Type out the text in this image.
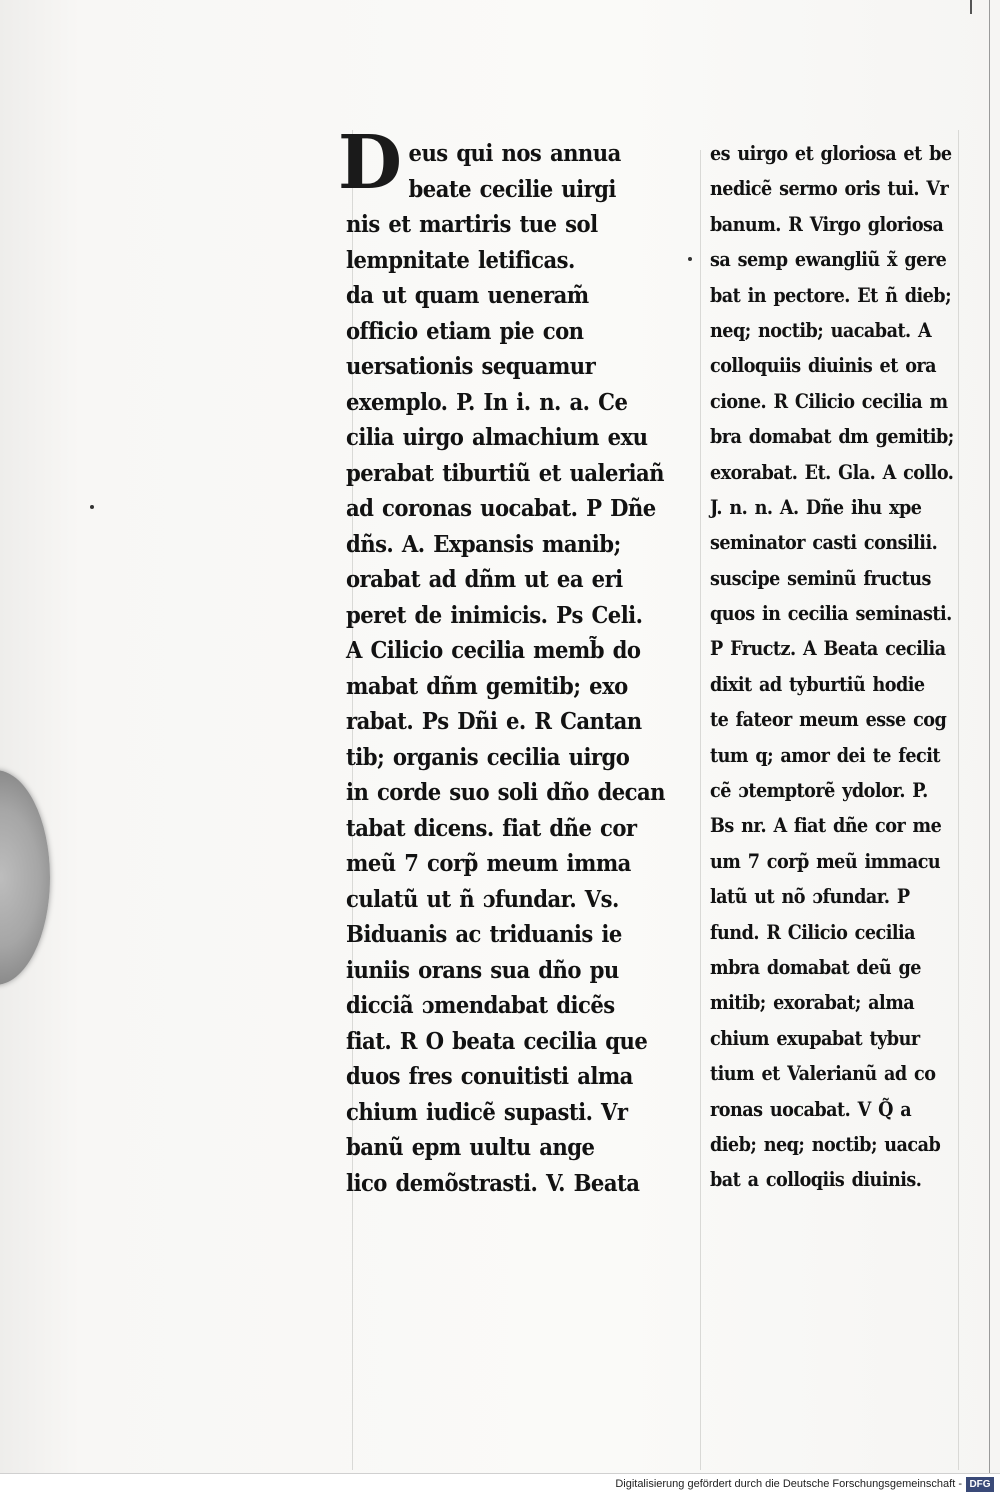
D eus qui nos annua
beate cecilie uirgi
nis et martiris tue sol
lempnitate letificas.
da ut quam ueneram̃
officio etiam pie con
uersationis sequamur
exemplo. P. In i. n. a. Ce
cilia uirgo almachium exu
perabat tiburtiũ et ualeriañ
ad coronas uocabat. P Dñe
dñs. A. Expansis manib;
orabat ad dñm ut ea eri
peret de inimicis. Ps Celi.
A Cilicio cecilia memb̃ do
mabat dñm gemitib; exo
rabat. Ps Dñi e. R Cantan
tib; organis cecilia uirgo
in corde suo soli dño decan
tabat dicens. fiat dñe cor
meũ 7 corp̃ meum imma
culatũ ut ñ ɔfundar. Vs.
Biduanis ac triduanis ie
iuniis orans sua dño pu
dicciã ɔmendabat dicẽs
fiat. R O beata cecilia que
duos fres conuitisti alma
chium iudicẽ supasti. Vr
banũ epm uultu ange
lico demõstrasti. V. Beata
es uirgo et gloriosa et be
nedicẽ sermo oris tui. Vr
banum. R Virgo gloriosa
sa semp ewangliũ x̃ gere
bat in pectore. Et ñ dieb;
neq; noctib; uacabat. A
colloquiis diuinis et ora
cione. R Cilicio cecilia m
bra domabat dm gemitib;
exorabat. Et. Gla. A collo.
J. n. n. A. Dñe ihu xpe
seminator casti consilii.
suscipe seminũ fructus
quos in cecilia seminasti.
P Fructz. A Beata cecilia
dixit ad tyburtiũ hodie
te fateor meum esse cog
tum q; amor dei te fecit
cẽ ɔtemptorẽ ydolor. P.
Bs nr. A fiat dñe cor me
um 7 corp̃ meũ immacu
latũ ut nõ ɔfundar. P
fund. R Cilicio cecilia
mbra domabat deũ ge
mitib; exorabat; alma
chium exupabat tybur
tium et Valerianũ ad co
ronas uocabat. V Q̃ a
dieb; neq; noctib; uacab
bat a colloqiis diuinis.
Digitalisierung gefördert durch die Deutsche Forschungsgemeinschaft - DFG
